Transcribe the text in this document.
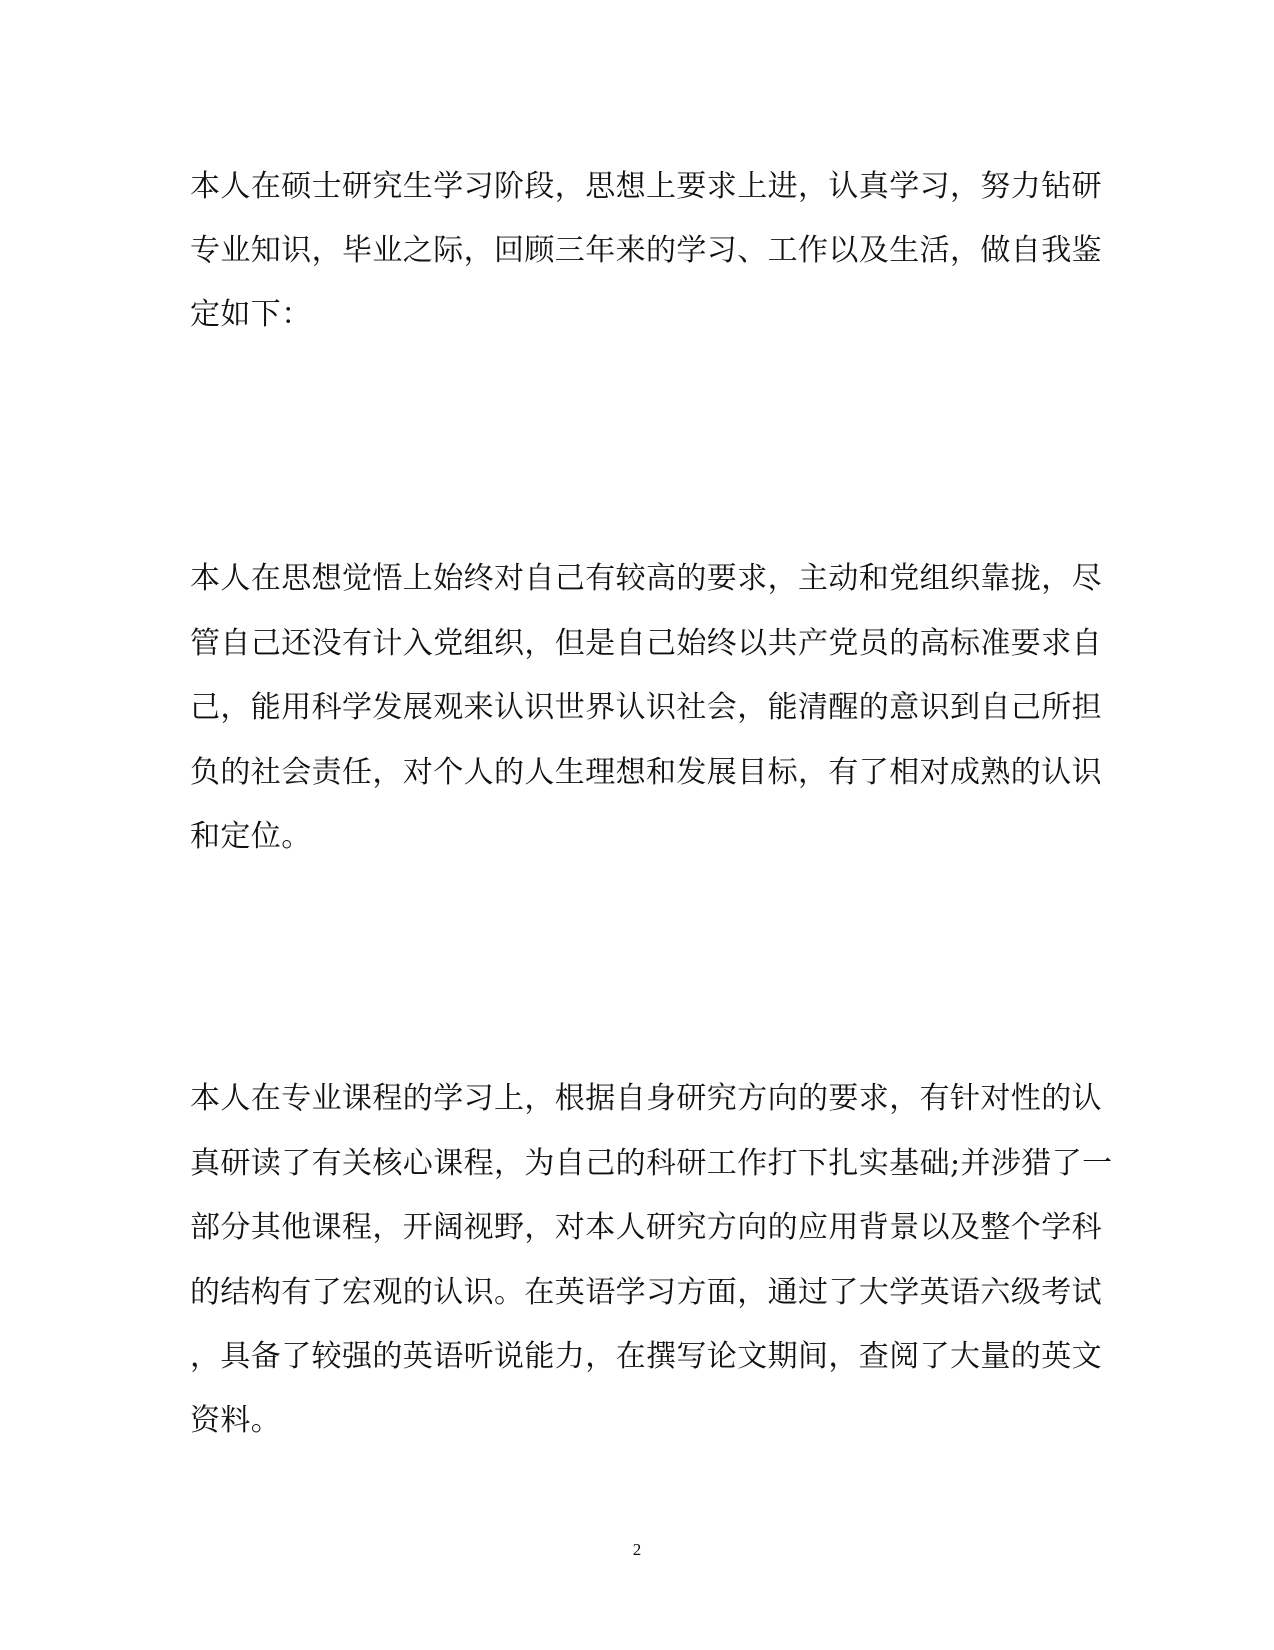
本人在硕士研究生学习阶段，思想上要求上进，认真学习，努力钻研
专业知识，毕业之际，回顾三年来的学习、工作以及生活，做自我鉴
定如下：
本人在思想觉悟上始终对自己有较高的要求，主动和党组织靠拢，尽
管自己还没有计入党组织，但是自己始终以共产党员的高标准要求自
己，能用科学发展观来认识世界认识社会，能清醒的意识到自己所担
负的社会责任，对个人的人生理想和发展目标，有了相对成熟的认识
和定位。
本人在专业课程的学习上，根据自身研究方向的要求，有针对性的认
真研读了有关核心课程，为自己的科研工作打下扎实基础;并涉猎了一
部分其他课程，开阔视野，对本人研究方向的应用背景以及整个学科
的结构有了宏观的认识。在英语学习方面，通过了大学英语六级考试
，具备了较强的英语听说能力，在撰写论文期间，查阅了大量的英文
资料。
2
